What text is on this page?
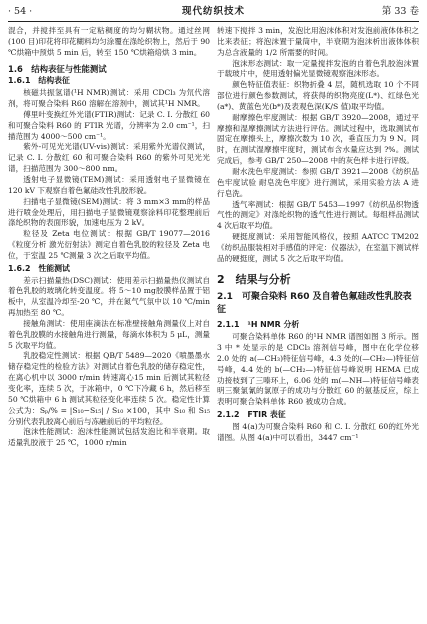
· 54 ·	现代纺织技术	第 33 卷
混合，并搅拌至具有一定粘稠度的均匀糊状物。通过丝网(100 目)印花将印花糊料均匀涂覆在涤纶织物上，然后于 90 ℃烘箱中预烘 5 min 后，转至 150 ℃烘箱焙烘 3 min。
1.6　结构表征与性能测试
1.6.1　结构表征
核磁共振氢谱(¹H NMR)测试：采用 CDCl₃ 为氘代溶剂，将可聚合染料 R60 溶解在溶剂中，测试其¹H NMR。
傅里叶变换红外光谱(FTIR)测试：记录 C. I. 分散红 60 和可聚合染料 R60 的 FTIR 光谱，分辨率为 2.0 cm⁻¹，扫描范围为 4000～500 cm⁻¹。
紫外-可见光光谱(UV-vis)测试：采用紫外光谱仪测试，记录 C. I. 分散红 60 和可聚合染料 R60 的紫外可见光光谱，扫描范围为 300～800 nm。
透射电子显微镜(TEM)测试：采用透射电子显微镜在 120 kV 下观察自着色氟硅改性乳胶形貌。
扫描电子显微镜(SEM)测试：将 3 mm×3 mm的样品进行喷金处理后，用扫描电子显微镜观察涂料印花整理前后涤纶织物的表面形貌，加速电压为 2 kV。
粒径及 Zeta 电位测试：根据 GB/T 19077—2016《粒度分析 激光衍射法》测定自着色乳胶的粒径及 Zeta 电位，于室温 25 ℃测量 3 次之后取平均值。
1.6.2　性能测试
差示扫描量热(DSC)测试：使用差示扫描量热仪测试自着色乳胶的玻璃化转变温度。将 5～10 mg胶膜样品置于铝板中，从室温冷却至-20 ℃，并在氮气气氛中以 10 ℃/min 再加热至 80 ℃。
接触角测试：使用座滴法在标准壁接触角测量仪上对自着色乳胶膜的水接触角进行测量，每滴水体积为 5 μL，测量 5 次取平均值。
乳胶稳定性测试：根据 QB/T 5489—2020《喷墨墨水储存稳定性的检验方法》对测试自着色乳胶的储存稳定性，在离心机中以 3000 r/min 转速离心15 min 后测试其粒径变化率，连续 5 次，于冰箱中，0 ℃下冷藏 6 h，然后移至 50 ℃烘箱中 6 h 测试其粒径变化率连续 5 次。稳定性计算公式为：Sₚ/% = |S₁₀−S₁₅| / S₁₀ ×100，其中 S₁₀ 和 S₁₅ 分别代表乳胶离心前后与冻融前后的平均粒径。
泡沫性能测试：泡沫性能测试包括发泡比和半衰期。取适量乳胶液于 25 ℃，1000 r/min
转速下搅拌 3 min，发泡比用泡沫体积对发泡前液体体积之比来表征；将泡沫置于量筒中，半衰期为泡沫析出液体体积为总含液量的 1/2 所需要的时间。
泡沫形态测试：取一定量搅拌发泡的自着色乳胶泡沫置于载玻片中，使用透射偏光显微镜观察泡沫形态。
颜色特征值表征：织物折叠 4 层，随机选取 10 个不同部位进行颜色参数测试，将获得的织物亮度(L*)、红绿色光(a*)、黄蓝色光(b*)及表观色深(K/S 值)取平均值。
耐摩擦色牢度测试：根据 GB/T 3920—2008，通过平摩擦和湿摩擦测试方法进行评估。测试过程中，选取测试布固定在摩擦头上，摩擦次数为 10 次，垂直压力为 9 N。同时，在测试湿摩擦牢度时，测试布含水量应达到 ?%。测试完成后，参考 GB/T 250—2008 中的灰色样卡进行评级。
耐水洗色牢度测试：参照 GB/T 3921—2008《纺织品 色牢度试验 耐皂洗色牢度》进行测试，采用实验方法 A 进行皂洗。
透气率测试：根据 GB/T 5453—1997《纺织品织物透气性的测定》对涤纶织物的透气性进行测试。每组样品测试 4 次后取平均值。
硬挺度测试：采用智能风格仪，按照 AATCC TM202《纺织品服装相对手感值的评定：仪器法》，在室温下测试样品的硬挺度，测试 5 次之后取平均值。
2　结果与分析
2.1　可聚合染料 R60 及自着色氟硅改性乳胶表征
2.1.1　¹H NMR 分析
可聚合染料单体 R60 的¹H NMR 谱图如图 3 所示。图 3 中 * 处显示的是 CDCl₃ 溶剂信号峰，图中在化学位移 2.0 处的 a(—CH₃)特征信号峰，4.3 处的(—CH₂—)特征信号峰，4.4 处的 b(—CH₂—)特征信号峰说明 HEMA 已成功接枝到了三嗪环上，6.06 处的 m(—NH—)特征信号峰表明三聚氯氰的氯原子的成功与分散红 60 的氨基反应，综上表明可聚合染料单体 R60 被成功合成。
2.1.2　FTIR 表征
图 4(a)为可聚合染料 R60 和 C. I. 分散红 60的红外光谱图。从图 4(a)中可以看出，3447 cm⁻¹
